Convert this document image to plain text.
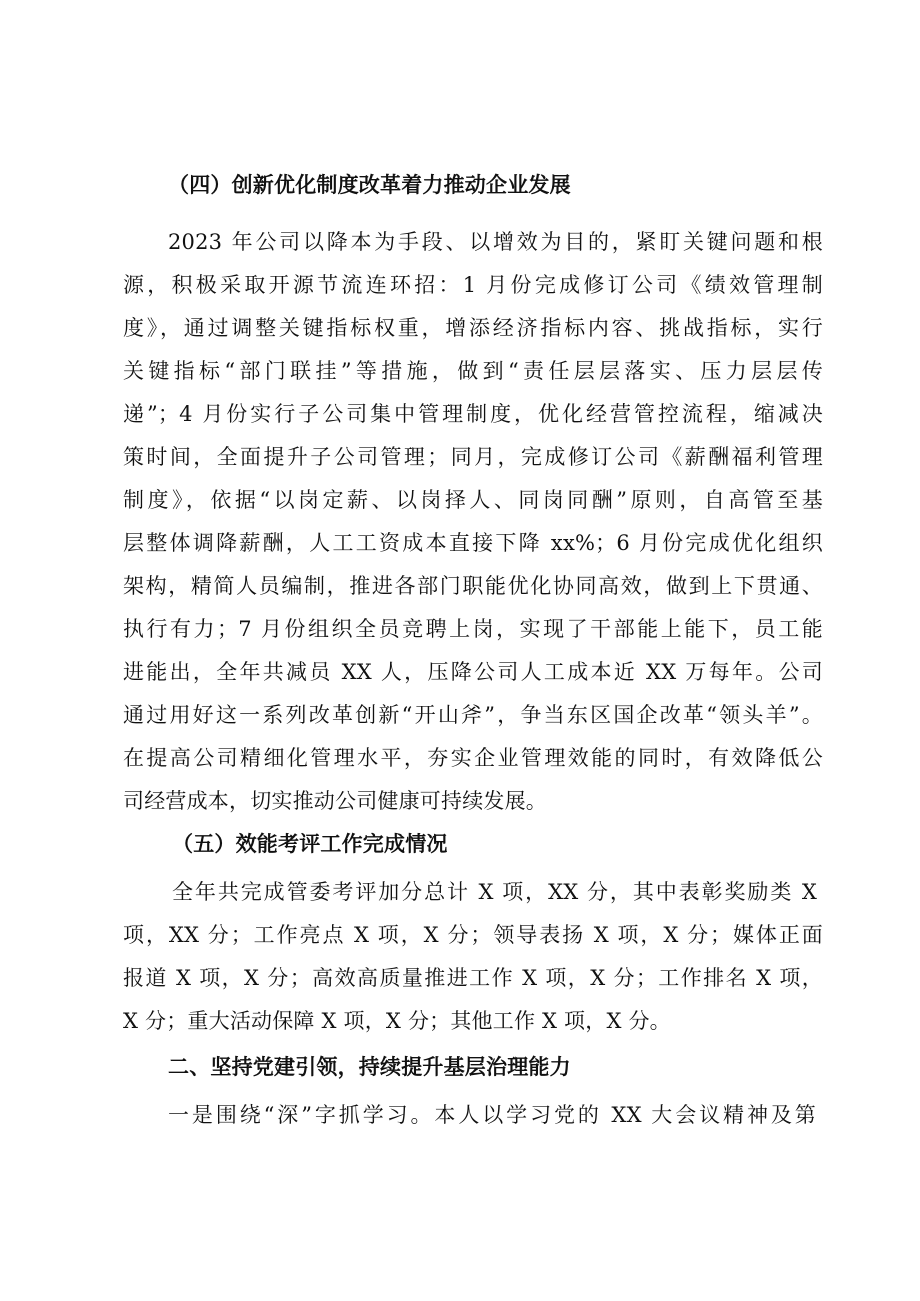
（四）创新优化制度改革着力推动企业发展
2023 年公司以降本为手段、以增效为目的，紧盯关键问题和根
源，积极采取开源节流连环招：1 月份完成修订公司《绩效管理制
度》，通过调整关键指标权重，增添经济指标内容、挑战指标，实行
关键指标“部门联挂”等措施，做到“责任层层落实、压力层层传
递”；4 月份实行子公司集中管理制度，优化经营管控流程，缩减决
策时间，全面提升子公司管理；同月，完成修订公司《薪酬福利管理
制度》，依据“以岗定薪、以岗择人、同岗同酬”原则，自高管至基
层整体调降薪酬，人工工资成本直接下降 xx%；6 月份完成优化组织
架构，精简人员编制，推进各部门职能优化协同高效，做到上下贯通、
执行有力；7 月份组织全员竞聘上岗，实现了干部能上能下，员工能
进能出，全年共减员 XX 人，压降公司人工成本近 XX 万每年。公司
通过用好这一系列改革创新“开山斧”，争当东区国企改革“领头羊”。
在提高公司精细化管理水平，夯实企业管理效能的同时，有效降低公
司经营成本，切实推动公司健康可持续发展。
（五）效能考评工作完成情况
全年共完成管委考评加分总计 X 项，XX 分，其中表彰奖励类 X
项，XX 分；工作亮点 X 项，X 分；领导表扬 X 项，X 分；媒体正面
报道 X 项，X 分；高效高质量推进工作 X 项，X 分；工作排名 X 项，
X 分；重大活动保障 X 项，X 分；其他工作 X 项，X 分。
二、坚持党建引领，持续提升基层治理能力
一是围绕“深”字抓学习。本人以学习党的 XX 大会议精神及第
